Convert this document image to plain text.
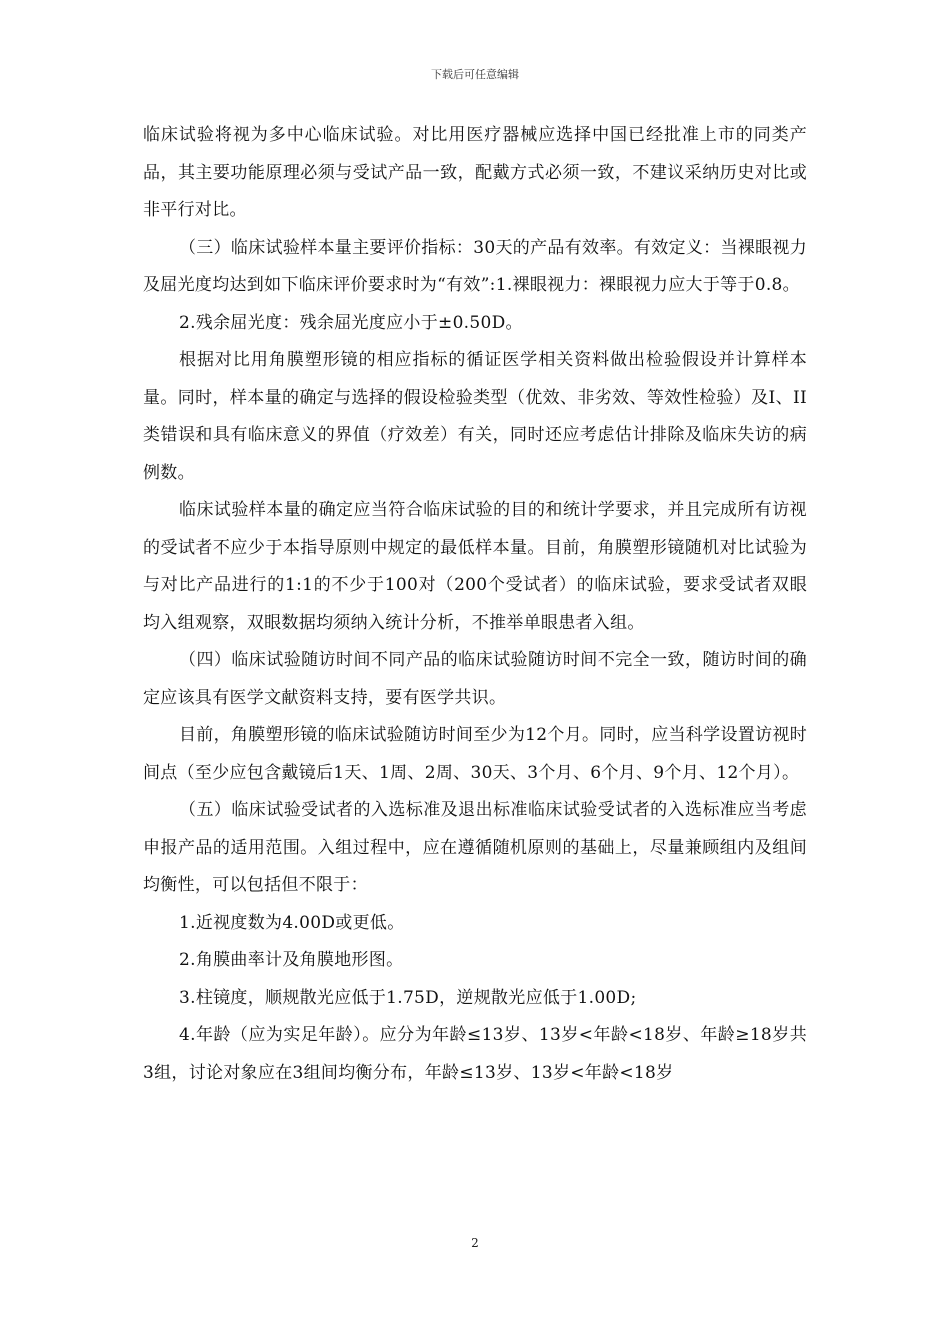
下载后可任意编辑

临床试验将视为多中心临床试验。对比用医疗器械应选择中国已经批准上市的同类产品，其主要功能原理必须与受试产品一致，配戴方式必须一致，不建议采纳历史对比或非平行对比。

（三）临床试验样本量主要评价指标：30天的产品有效率。有效定义：当裸眼视力及屈光度均达到如下临床评价要求时为“有效”:1.裸眼视力：裸眼视力应大于等于0.8。

2.残余屈光度：残余屈光度应小于±0.50D。

根据对比用角膜塑形镜的相应指标的循证医学相关资料做出检验假设并计算样本量。同时，样本量的确定与选择的假设检验类型（优效、非劣效、等效性检验）及I、II类错误和具有临床意义的界值（疗效差）有关，同时还应考虑估计排除及临床失访的病例数。

临床试验样本量的确定应当符合临床试验的目的和统计学要求，并且完成所有访视的受试者不应少于本指导原则中规定的最低样本量。目前，角膜塑形镜随机对比试验为与对比产品进行的1:1的不少于100对（200个受试者）的临床试验，要求受试者双眼均入组观察，双眼数据均须纳入统计分析，不推举单眼患者入组。

（四）临床试验随访时间不同产品的临床试验随访时间不完全一致，随访时间的确定应该具有医学文献资料支持，要有医学共识。

目前，角膜塑形镜的临床试验随访时间至少为12个月。同时，应当科学设置访视时间点（至少应包含戴镜后1天、1周、2周、30天、3个月、6个月、9个月、12个月）。

（五）临床试验受试者的入选标准及退出标准临床试验受试者的入选标准应当考虑申报产品的适用范围。入组过程中，应在遵循随机原则的基础上，尽量兼顾组内及组间均衡性，可以包括但不限于：

1.近视度数为4.00D或更低。

2.角膜曲率计及角膜地形图。

3.柱镜度，顺规散光应低于1.75D，逆规散光应低于1.00D;

4.年龄（应为实足年龄）。应分为年龄≤13岁、13岁<年龄<18岁、年龄≥18岁共3组，讨论对象应在3组间均衡分布，年龄≤13岁、13岁<年龄<18岁

2
